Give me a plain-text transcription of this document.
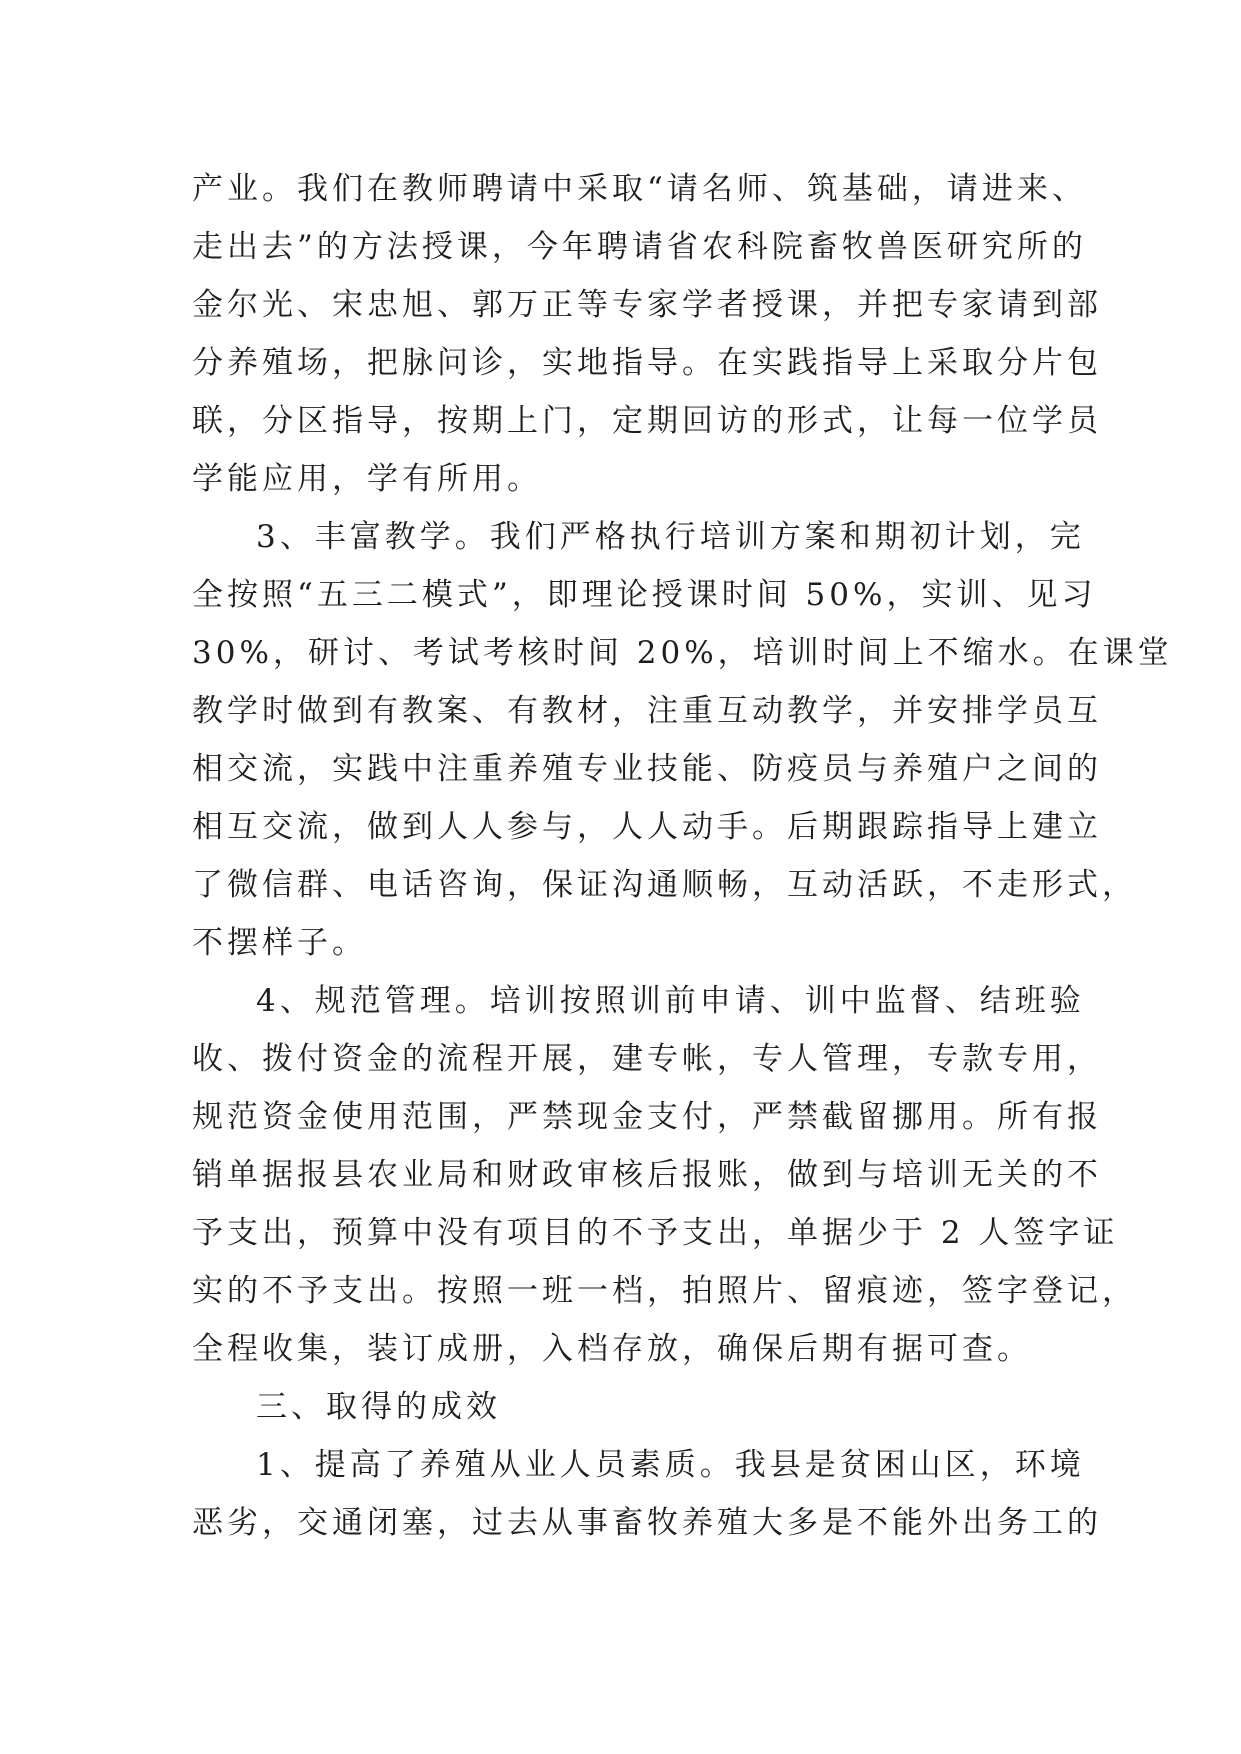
产业。我们在教师聘请中采取“请名师、筑基础，请进来、
走出去”的方法授课，今年聘请省农科院畜牧兽医研究所的
金尔光、宋忠旭、郭万正等专家学者授课，并把专家请到部
分养殖场，把脉问诊，实地指导。在实践指导上采取分片包
联，分区指导，按期上门，定期回访的形式，让每一位学员
学能应用，学有所用。
3、丰富教学。我们严格执行培训方案和期初计划，完
全按照“五三二模式”，即理论授课时间 50%，实训、见习
30%，研讨、考试考核时间 20%，培训时间上不缩水。在课堂
教学时做到有教案、有教材，注重互动教学，并安排学员互
相交流，实践中注重养殖专业技能、防疫员与养殖户之间的
相互交流，做到人人参与，人人动手。后期跟踪指导上建立
了微信群、电话咨询，保证沟通顺畅，互动活跃，不走形式，
不摆样子。
4、规范管理。培训按照训前申请、训中监督、结班验
收、拨付资金的流程开展，建专帐，专人管理，专款专用，
规范资金使用范围，严禁现金支付，严禁截留挪用。所有报
销单据报县农业局和财政审核后报账，做到与培训无关的不
予支出，预算中没有项目的不予支出，单据少于 2 人签字证
实的不予支出。按照一班一档，拍照片、留痕迹，签字登记，
全程收集，装订成册，入档存放，确保后期有据可查。
三、取得的成效
1、提高了养殖从业人员素质。我县是贫困山区，环境
恶劣，交通闭塞，过去从事畜牧养殖大多是不能外出务工的
